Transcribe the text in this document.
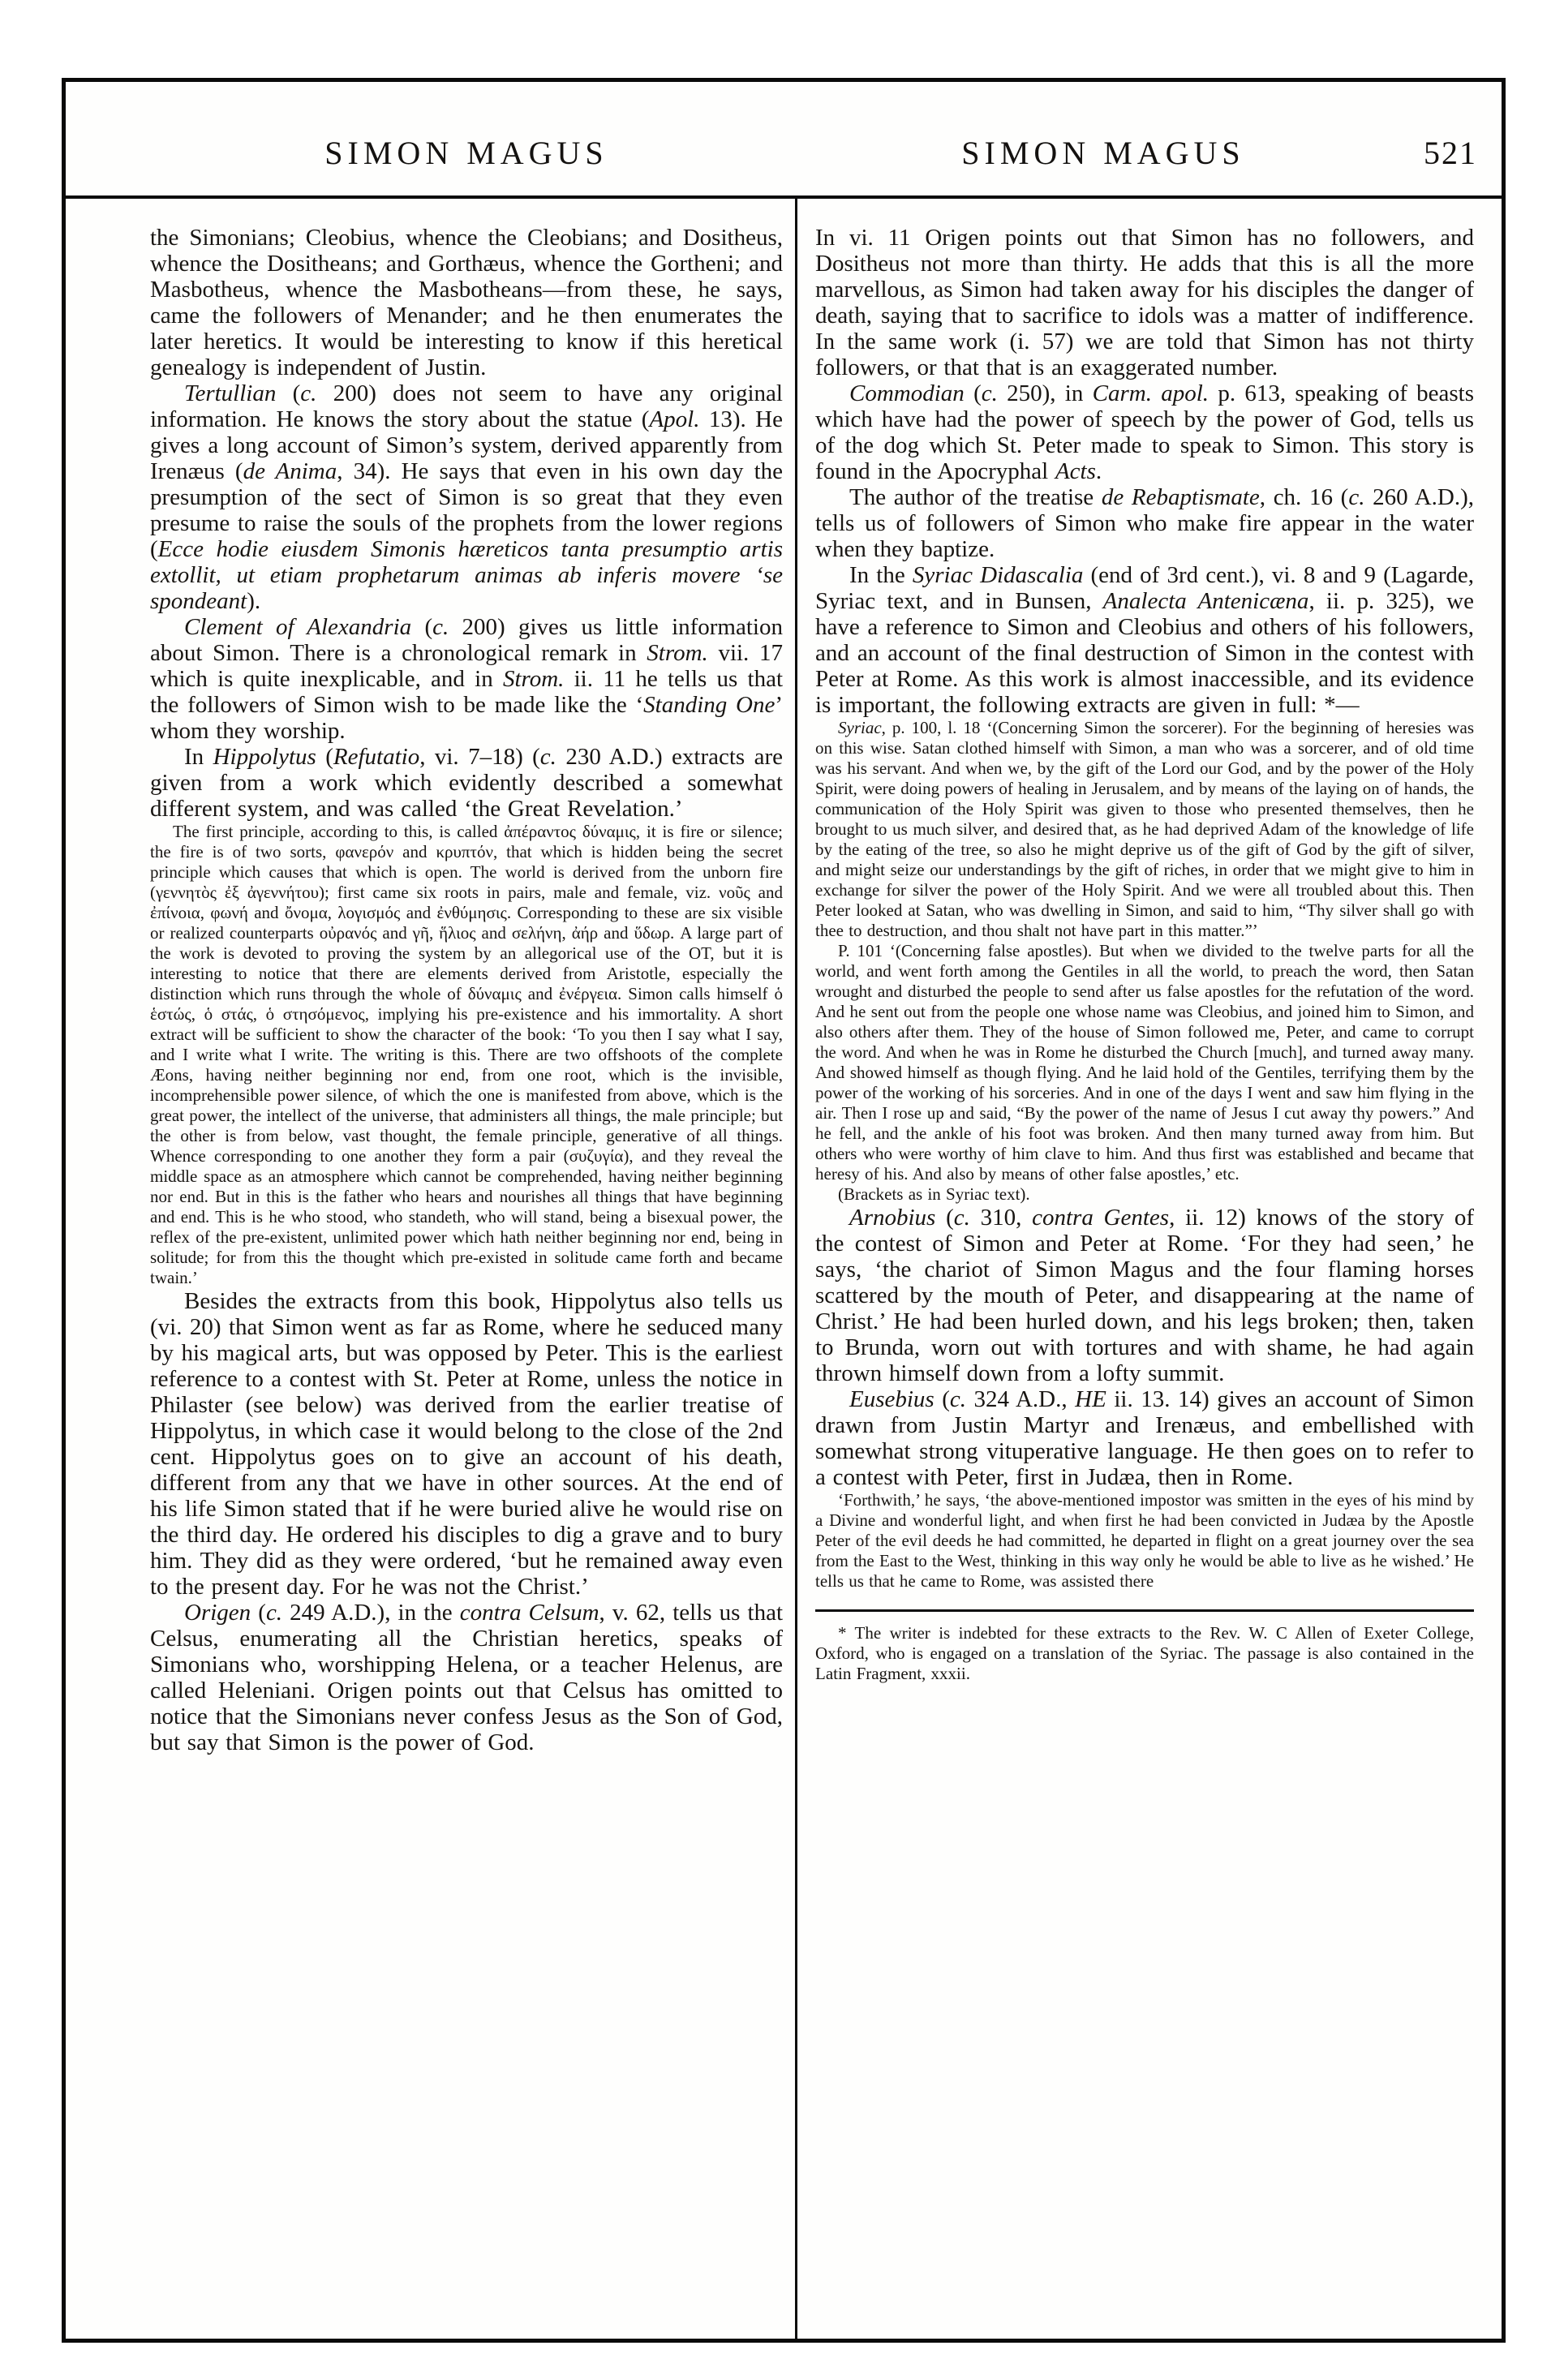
SIMON MAGUS	SIMON MAGUS	521

the Simonians; Cleobius, whence the Cleobians; and Dositheus, whence the Dositheans; and Gorthæus, whence the Gortheni; and Masbotheus, whence the Masbotheans—from these, he says, came the followers of Menander; and he then enumerates the later heretics. It would be interesting to know if this heretical genealogy is independent of Justin.

Tertullian (c. 200) does not seem to have any original information. He knows the story about the statue (Apol. 13). He gives a long account of Simon’s system, derived apparently from Irenæus (de Anima, 34). He says that even in his own day the presumption of the sect of Simon is so great that they even presume to raise the souls of the prophets from the lower regions (Ecce hodie eiusdem Simonis hæreticos tanta presumptio artis extollit, ut etiam prophetarum animas ab inferis movere ‘se spondeant).

Clement of Alexandria (c. 200) gives us little information about Simon. There is a chronological remark in Strom. vii. 17 which is quite inexplicable, and in Strom. ii. 11 he tells us that the followers of Simon wish to be made like the ‘Standing One’ whom they worship.

In Hippolytus (Refutatio, vi. 7–18) (c. 230 A.D.) extracts are given from a work which evidently described a somewhat different system, and was called ‘the Great Revelation.’

The first principle, according to this, is called ἀπέραντος δύναμις, it is fire or silence; the fire is of two sorts, φανερόν and κρυπτόν, that which is hidden being the secret principle which causes that which is open. The world is derived from the unborn fire (γεννητὸς ἐξ ἀγεννήτου); first came six roots in pairs, male and female, viz. νοῦς and ἐπίνοια, φωνή and ὄνομα, λογισμός and ἐνθύμησις. Corresponding to these are six visible or realized counterparts οὐρανός and γῆ, ἥλιος and σελήνη, ἀήρ and ὕδωρ. A large part of the work is devoted to proving the system by an allegorical use of the OT, but it is interesting to notice that there are elements derived from Aristotle, especially the distinction which runs through the whole of δύναμις and ἐνέργεια. Simon calls himself ὁ ἑστώς, ὁ στάς, ὁ στησόμενος, implying his pre-existence and his immortality. A short extract will be sufficient to show the character of the book: ‘To you then I say what I say, and I write what I write. The writing is this. There are two offshoots of the complete Æons, having neither beginning nor end, from one root, which is the invisible, incomprehensible power silence, of which the one is manifested from above, which is the great power, the intellect of the universe, that administers all things, the male principle; but the other is from below, vast thought, the female principle, generative of all things. Whence corresponding to one another they form a pair (συζυγία), and they reveal the middle space as an atmosphere which cannot be comprehended, having neither beginning nor end. But in this is the father who hears and nourishes all things that have beginning and end. This is he who stood, who standeth, who will stand, being a bisexual power, the reflex of the pre-existent, unlimited power which hath neither beginning nor end, being in solitude; for from this the thought which pre-existed in solitude came forth and became twain.’

Besides the extracts from this book, Hippolytus also tells us (vi. 20) that Simon went as far as Rome, where he seduced many by his magical arts, but was opposed by Peter. This is the earliest reference to a contest with St. Peter at Rome, unless the notice in Philaster (see below) was derived from the earlier treatise of Hippolytus, in which case it would belong to the close of the 2nd cent. Hippolytus goes on to give an account of his death, different from any that we have in other sources. At the end of his life Simon stated that if he were buried alive he would rise on the third day. He ordered his disciples to dig a grave and to bury him. They did as they were ordered, ‘but he remained away even to the present day. For he was not the Christ.’

Origen (c. 249 A.D.), in the contra Celsum, v. 62, tells us that Celsus, enumerating all the Christian heretics, speaks of Simonians who, worshipping Helena, or a teacher Helenus, are called Heleniani. Origen points out that Celsus has omitted to notice that the Simonians never confess Jesus as the Son of God, but say that Simon is the power of God.

In vi. 11 Origen points out that Simon has no followers, and Dositheus not more than thirty. He adds that this is all the more marvellous, as Simon had taken away for his disciples the danger of death, saying that to sacrifice to idols was a matter of indifference. In the same work (i. 57) we are told that Simon has not thirty followers, or that that is an exaggerated number.

Commodian (c. 250), in Carm. apol. p. 613, speaking of beasts which have had the power of speech by the power of God, tells us of the dog which St. Peter made to speak to Simon. This story is found in the Apocryphal Acts.

The author of the treatise de Rebaptismate, ch. 16 (c. 260 A.D.), tells us of followers of Simon who make fire appear in the water when they baptize.

In the Syriac Didascalia (end of 3rd cent.), vi. 8 and 9 (Lagarde, Syriac text, and in Bunsen, Analecta Antenicæna, ii. p. 325), we have a reference to Simon and Cleobius and others of his followers, and an account of the final destruction of Simon in the contest with Peter at Rome. As this work is almost inaccessible, and its evidence is important, the following extracts are given in full: *—

Syriac, p. 100, l. 18 ‘(Concerning Simon the sorcerer). For the beginning of heresies was on this wise. Satan clothed himself with Simon, a man who was a sorcerer, and of old time was his servant. And when we, by the gift of the Lord our God, and by the power of the Holy Spirit, were doing powers of healing in Jerusalem, and by means of the laying on of hands, the communication of the Holy Spirit was given to those who presented themselves, then he brought to us much silver, and desired that, as he had deprived Adam of the knowledge of life by the eating of the tree, so also he might deprive us of the gift of God by the gift of silver, and might seize our understandings by the gift of riches, in order that we might give to him in exchange for silver the power of the Holy Spirit. And we were all troubled about this. Then Peter looked at Satan, who was dwelling in Simon, and said to him, “Thy silver shall go with thee to destruction, and thou shalt not have part in this matter.”’

P. 101 ‘(Concerning false apostles). But when we divided to the twelve parts for all the world, and went forth among the Gentiles in all the world, to preach the word, then Satan wrought and disturbed the people to send after us false apostles for the refutation of the word. And he sent out from the people one whose name was Cleobius, and joined him to Simon, and also others after them. They of the house of Simon followed me, Peter, and came to corrupt the word. And when he was in Rome he disturbed the Church [much], and turned away many. And showed himself as though flying. And he laid hold of the Gentiles, terrifying them by the power of the working of his sorceries. And in one of the days I went and saw him flying in the air. Then I rose up and said, “By the power of the name of Jesus I cut away thy powers.” And he fell, and the ankle of his foot was broken. And then many turned away from him. But others who were worthy of him clave to him. And thus first was established and became that heresy of his. And also by means of other false apostles,’ etc.

(Brackets as in Syriac text).

Arnobius (c. 310, contra Gentes, ii. 12) knows of the story of the contest of Simon and Peter at Rome. ‘For they had seen,’ he says, ‘the chariot of Simon Magus and the four flaming horses scattered by the mouth of Peter, and disappearing at the name of Christ.’ He had been hurled down, and his legs broken; then, taken to Brunda, worn out with tortures and with shame, he had again thrown himself down from a lofty summit.

Eusebius (c. 324 A.D., HE ii. 13. 14) gives an account of Simon drawn from Justin Martyr and Irenæus, and embellished with somewhat strong vituperative language. He then goes on to refer to a contest with Peter, first in Judæa, then in Rome.

‘Forthwith,’ he says, ‘the above-mentioned impostor was smitten in the eyes of his mind by a Divine and wonderful light, and when first he had been convicted in Judæa by the Apostle Peter of the evil deeds he had committed, he departed in flight on a great journey over the sea from the East to the West, thinking in this way only he would be able to live as he wished.’ He tells us that he came to Rome, was assisted there

* The writer is indebted for these extracts to the Rev. W. C Allen of Exeter College, Oxford, who is engaged on a translation of the Syriac. The passage is also contained in the Latin Fragment, xxxii.
